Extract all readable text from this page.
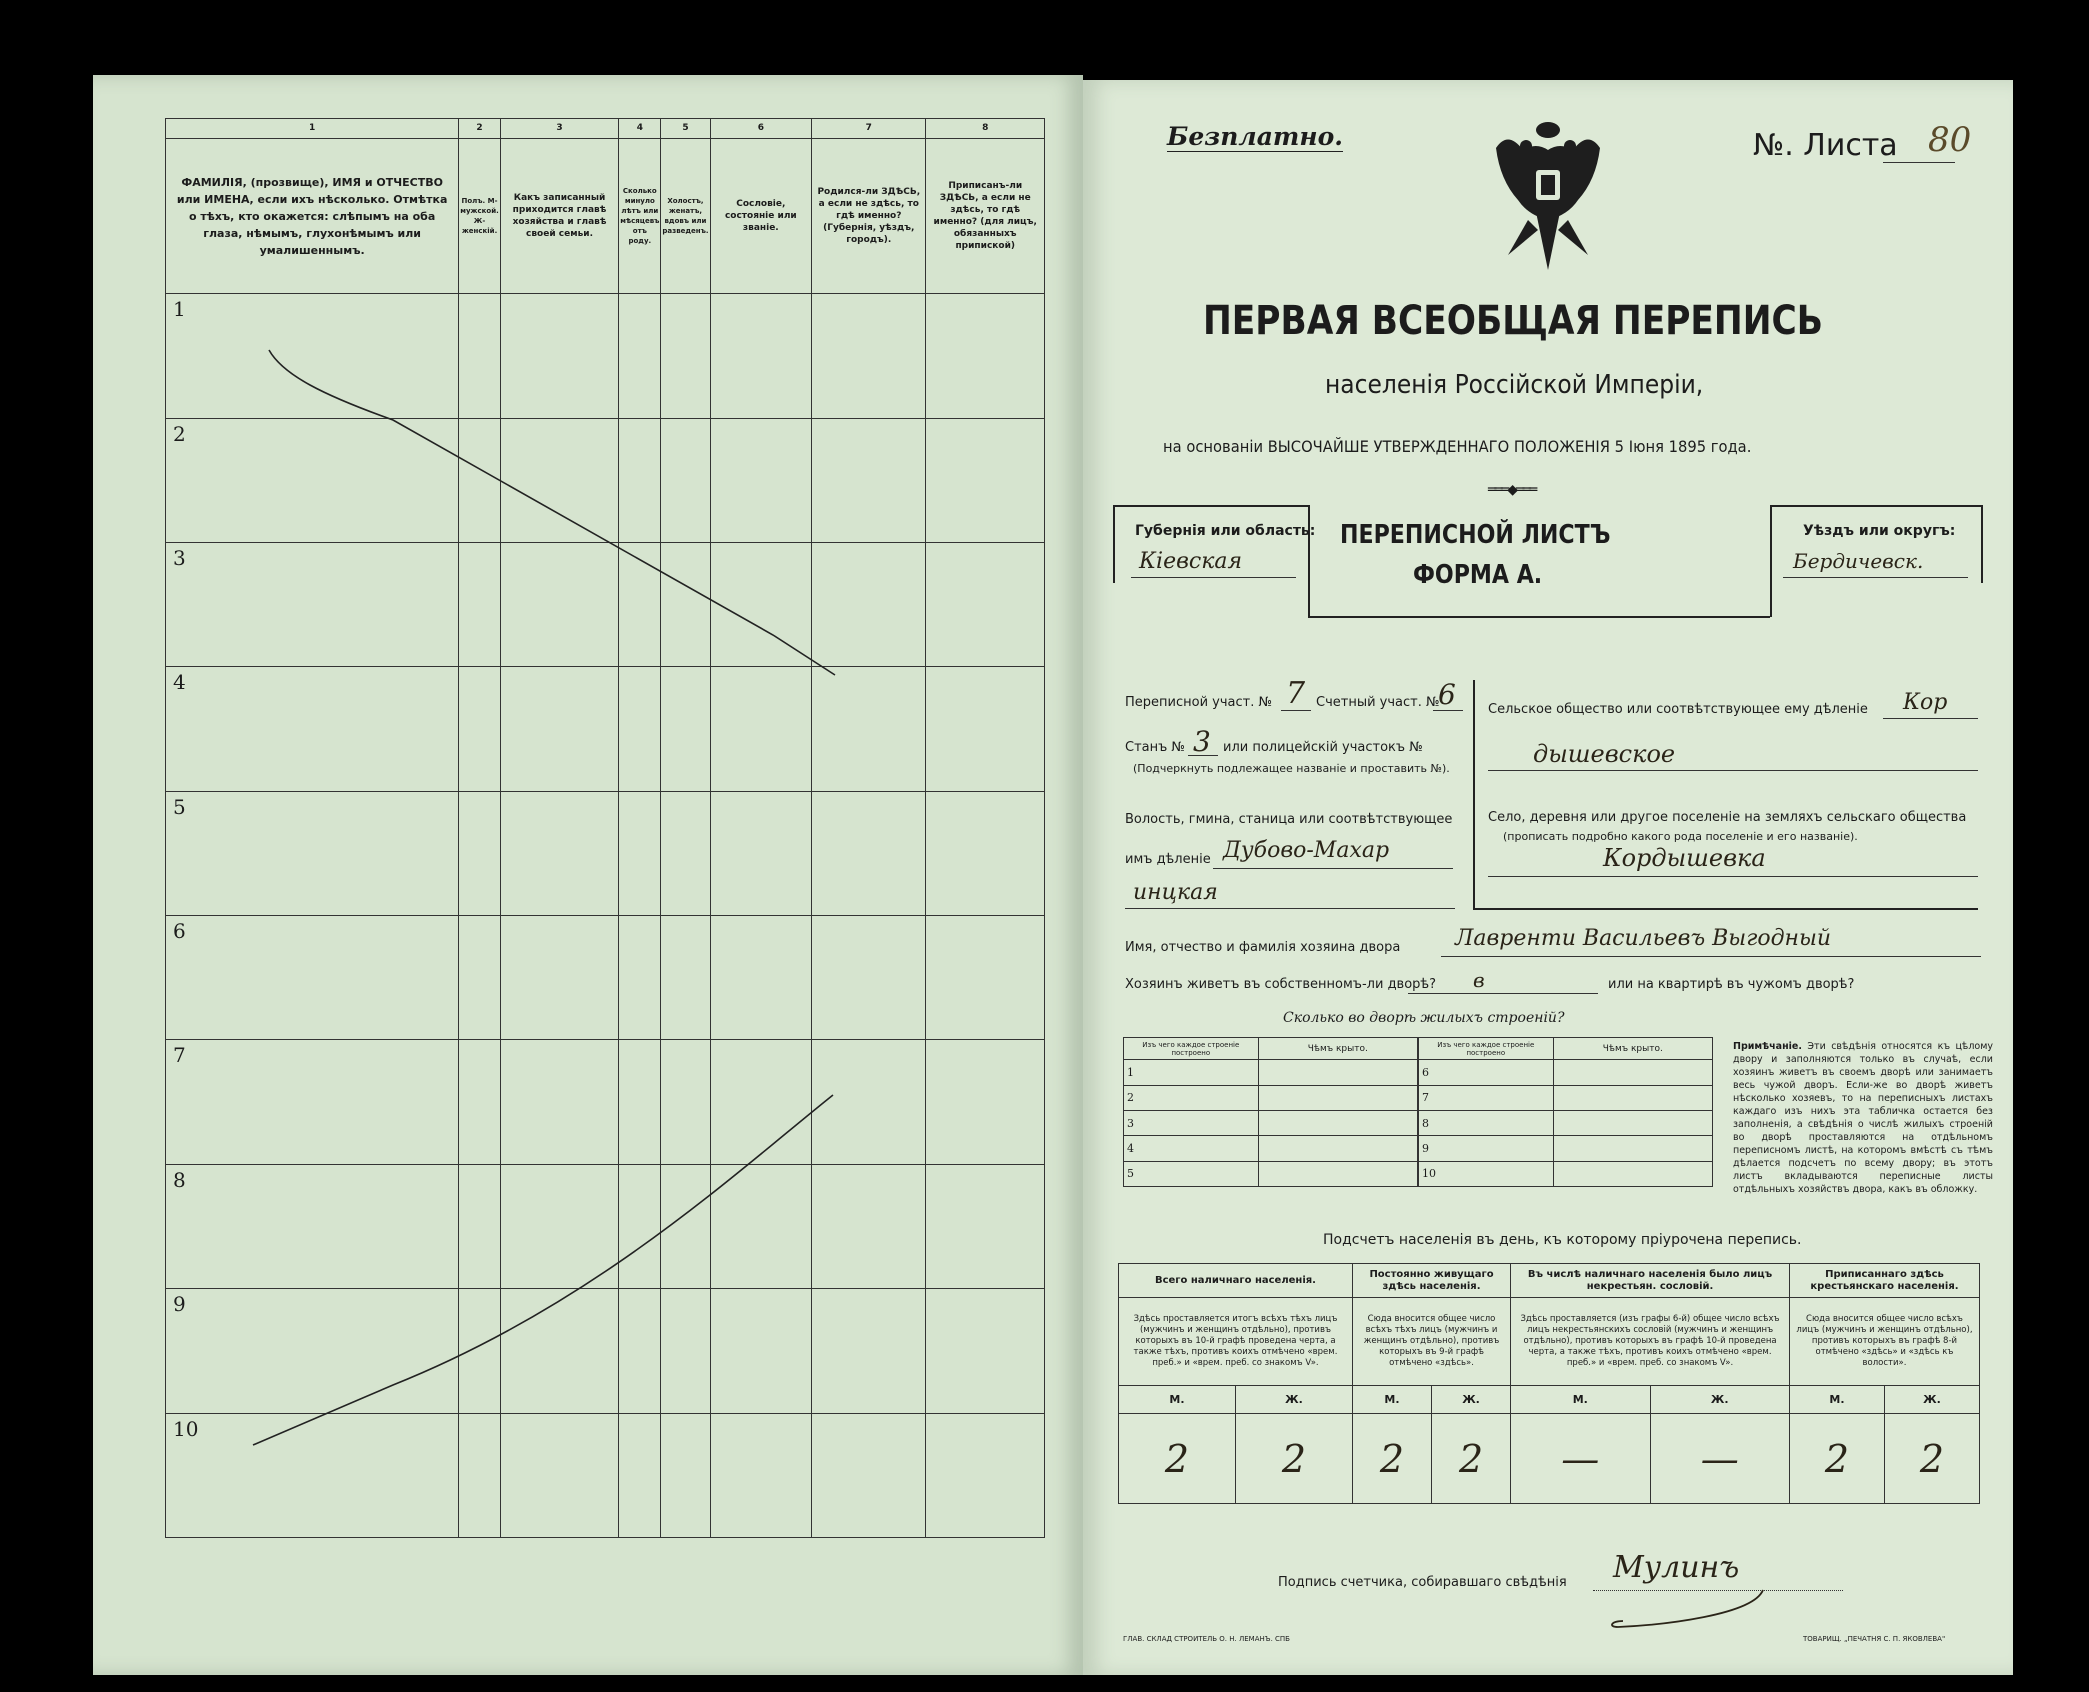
1	2	3	4	5	6	7	8
ФАМИЛІЯ, (прозвище), ИМЯ и ОТЧЕСТВО или ИМЕНА, если ихъ нѣсколько. Отмѣтка о тѣхъ, кто окажется: слѣпымъ на оба глаза, нѣмымъ, глухонѣмымъ или умалишеннымъ.	Полъ. М-мужской. Ж-женскій.	Какъ записанный приходится главѣ хозяйства и главѣ своей семьи.	Сколько минуло лѣтъ или мѣсяцевъ отъ роду.	Холостъ, женатъ, вдовъ или разведенъ.	Сословіе, состояніе или званіе.	Родился-ли ЗДѢСЬ, а если не здѣсь, то гдѣ именно? (Губернія, уѣздъ, городъ).	Приписанъ-ли ЗДѢСЬ, а если не здѣсь, то гдѣ именно? (для лицъ, обязанныхъ припиской)
1							
2							
3							
4							
5							
6							
7							
8							
9							
10							
Безплатно.	№. Листа 80
ПЕРВАЯ ВСЕОБЩАЯ ПЕРЕПИСЬ
населенія Россійской Имперіи,
на основаніи ВЫСОЧАЙШЕ УТВЕРЖДЕННАГО ПОЛОЖЕНІЯ 5 Іюня 1895 года.
═══◆═══
Губернія или область:
Кіевская
ПЕРЕПИСНОЙ ЛИСТЪ
ФОРМА А.
Уѣздъ или округъ:
Бердичевск.
Переписной участ. № 7 Счетный участ. №
6
Станъ № 3 или полицейскій участокъ №
(Подчеркнуть подлежащее названіе и проставить №).
Волость, гмина, станица или соотвѣтствующее
имъ дѣленіе Дубово-Махар
инцкая
Сельское общество или соотвѣтствующее ему дѣленіе Кор
дышевское
Село, деревня или другое поселеніе на земляхъ сельскаго общества
(прописать подробно какого рода поселеніе и его названіе).
Кордышевка
Имя, отчество и фамилія хозяина двора Лавренти Васильевъ Выгодный
Хозяинъ живетъ въ собственномъ-ли дворѣ? в	или на квартирѣ въ чужомъ дворѣ?
Сколько во дворѣ жилыхъ строеній?
Изъ чего каждое строеніе построено	Чѣмъ крыто.
1	
2	
3	
4	
5	
Изъ чего каждое строеніе построено	Чѣмъ крыто.
6	
7	
8	
9	
10	
Примѣчаніе. Эти свѣдѣнія относятся къ цѣлому двору и заполняются только въ случаѣ, если хозяинъ живетъ въ своемъ дворѣ или занимаетъ весь чужой дворъ. Если-же во дворѣ живетъ нѣсколько хозяевъ, то на переписныхъ листахъ каждаго изъ нихъ эта табличка остается без заполненія, а свѣдѣнія о числѣ жилыхъ строеній во дворѣ проставляются на отдѣльномъ переписномъ листѣ, на которомъ вмѣстѣ съ тѣмъ дѣлается подсчетъ по всему двору; въ этотъ листъ вкладываются переписные листы отдѣльныхъ хозяйствъ двора, какъ въ обложку.
Подсчетъ населенія въ день, къ которому пріурочена перепись.
Всего наличнаго населенія.		Постоянно живущаго здѣсь населенія.		Въ числѣ наличнаго населенія было лицъ некрестьян. сословій.		Приписаннаго здѣсь крестьянскаго населенія.	
Здѣсь проставляется итогъ всѣхъ тѣхъ лицъ (мужчинъ и женщинъ отдѣльно), противъ которыхъ въ 10-й графѣ проведена черта, а также тѣхъ, противъ коихъ отмѣчено «врем. преб.» и «врем. преб. со знакомъ V».		Сюда вносится общее число всѣхъ тѣхъ лицъ (мужчинъ и женщинъ отдѣльно), противъ которыхъ въ 9-й графѣ отмѣчено «здѣсь».		Здѣсь проставляется (изъ графы 6-й) общее число всѣхъ лицъ некрестьянскихъ сословій (мужчинъ и женщинъ отдѣльно), противъ которыхъ въ графѣ 10-й проведена черта, а также тѣхъ, противъ коихъ отмѣчено «врем. преб.» и «врем. преб. со знакомъ V».		Сюда вносится общее число всѣхъ лицъ (мужчинъ и женщинъ отдѣльно), противъ которыхъ въ графѣ 8-й отмѣчено «здѣсь» и «здѣсь къ волости».	
М.	Ж.	М.	Ж.	М.	Ж.	М.	Ж.
2	2	2	2	—	—	2	2
Подпись счетчика, собиравшаго свѣдѣнія Мулинъ
ГЛАВ. СКЛАД СТРОИТЕЛЬ О. Н. ЛЕМАНЪ. СПБ	ТОВАРИЩ. „ПЕЧАТНЯ С. П. ЯКОВЛЕВА"
